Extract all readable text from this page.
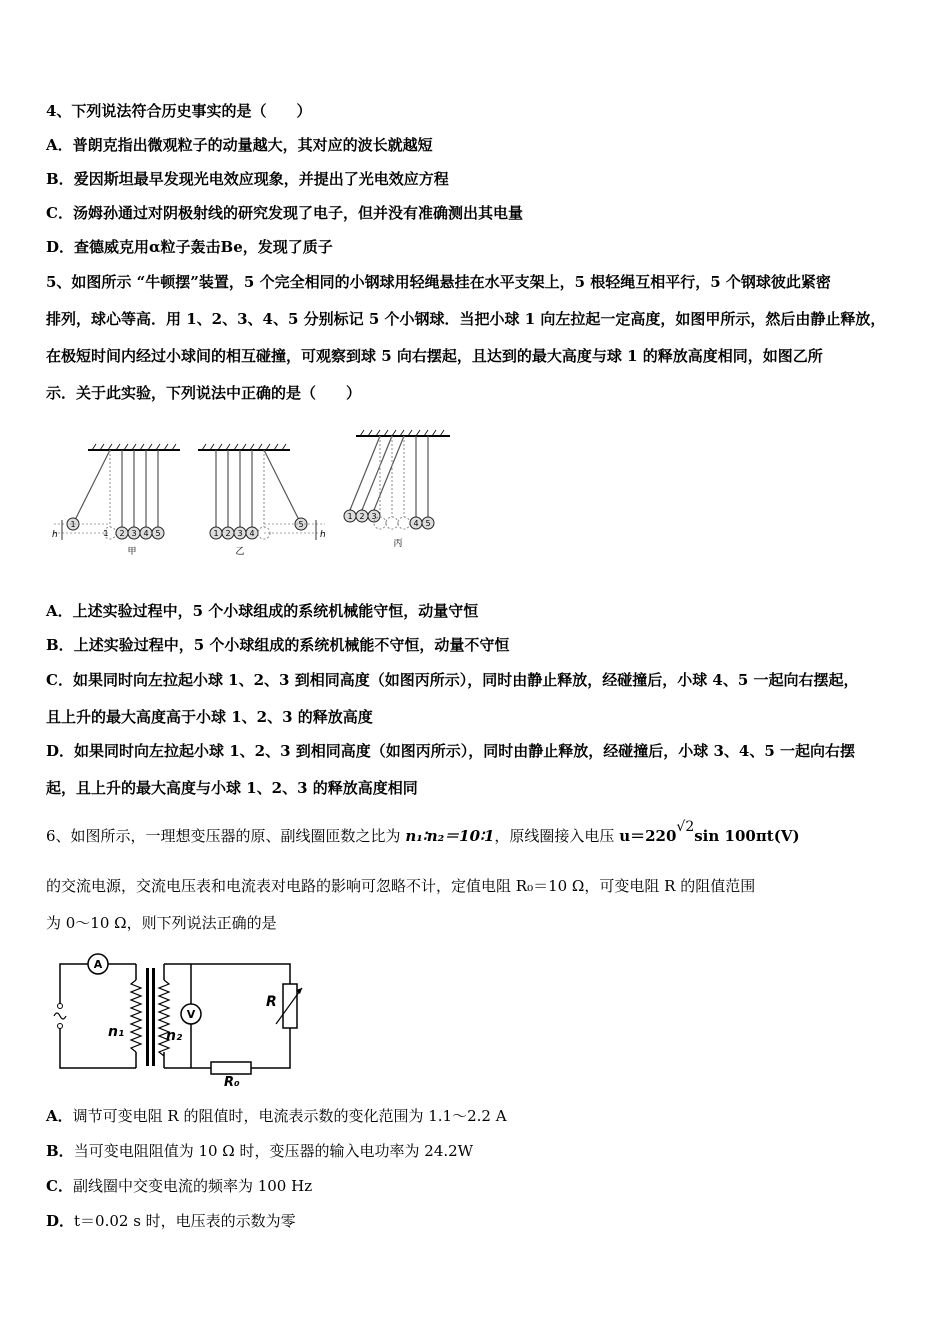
4、下列说法符合历史事实的是（　　）
A．普朗克指出微观粒子的动量越大，其对应的波长就越短
B．爱因斯坦最早发现光电效应现象，并提出了光电效应方程
C．汤姆孙通过对阴极射线的研究发现了电子，但并没有准确测出其电量
D．查德威克用α粒子轰击Be，发现了质子
5、如图所示 “牛顿摆”装置，5 个完全相同的小钢球用轻绳悬挂在水平支架上，5 根轻绳互相平行，5 个钢球彼此紧密
排列，球心等高．用 1、2、3、4、5 分别标记 5 个小钢球．当把小球 1 向左拉起一定高度，如图甲所示，然后由静止释放，
在极短时间内经过小球间的相互碰撞，可观察到球 5 向右摆起，且达到的最大高度与球 1 的释放高度相同，如图乙所
示．关于此实验，下列说法中正确的是（　　）
1
1 2 3 4 5
h
甲
1 2 3 4
5
h
乙
1 2 3
4 5
丙
A．上述实验过程中，5 个小球组成的系统机械能守恒，动量守恒
B．上述实验过程中，5 个小球组成的系统机械能不守恒，动量不守恒
C．如果同时向左拉起小球 1、2、3 到相同高度（如图丙所示），同时由静止释放，经碰撞后，小球 4、5 一起向右摆起，
且上升的最大高度高于小球 1、2、3 的释放高度
D．如果同时向左拉起小球 1、2、3 到相同高度（如图丙所示），同时由静止释放，经碰撞后，小球 3、4、5 一起向右摆
起，且上升的最大高度与小球 1、2、3 的释放高度相同
6、如图所示，一理想变压器的原、副线圈匝数之比为 n₁∶n₂＝10∶1，原线圈接入电压 u＝220√2sin 100πt(V)
的交流电源，交流电压表和电流表对电路的影响可忽略不计，定值电阻 R₀＝10 Ω，可变电阻 R 的阻值范围
为 0～10 Ω，则下列说法正确的是
A
n₁	n₂
V
R
R₀
A．调节可变电阻 R 的阻值时，电流表示数的变化范围为 1.1～2.2 A
B．当可变电阻阻值为 10 Ω 时，变压器的输入电功率为 24.2W
C．副线圈中交变电流的频率为 100 Hz
D．t＝0.02 s 时，电压表的示数为零
